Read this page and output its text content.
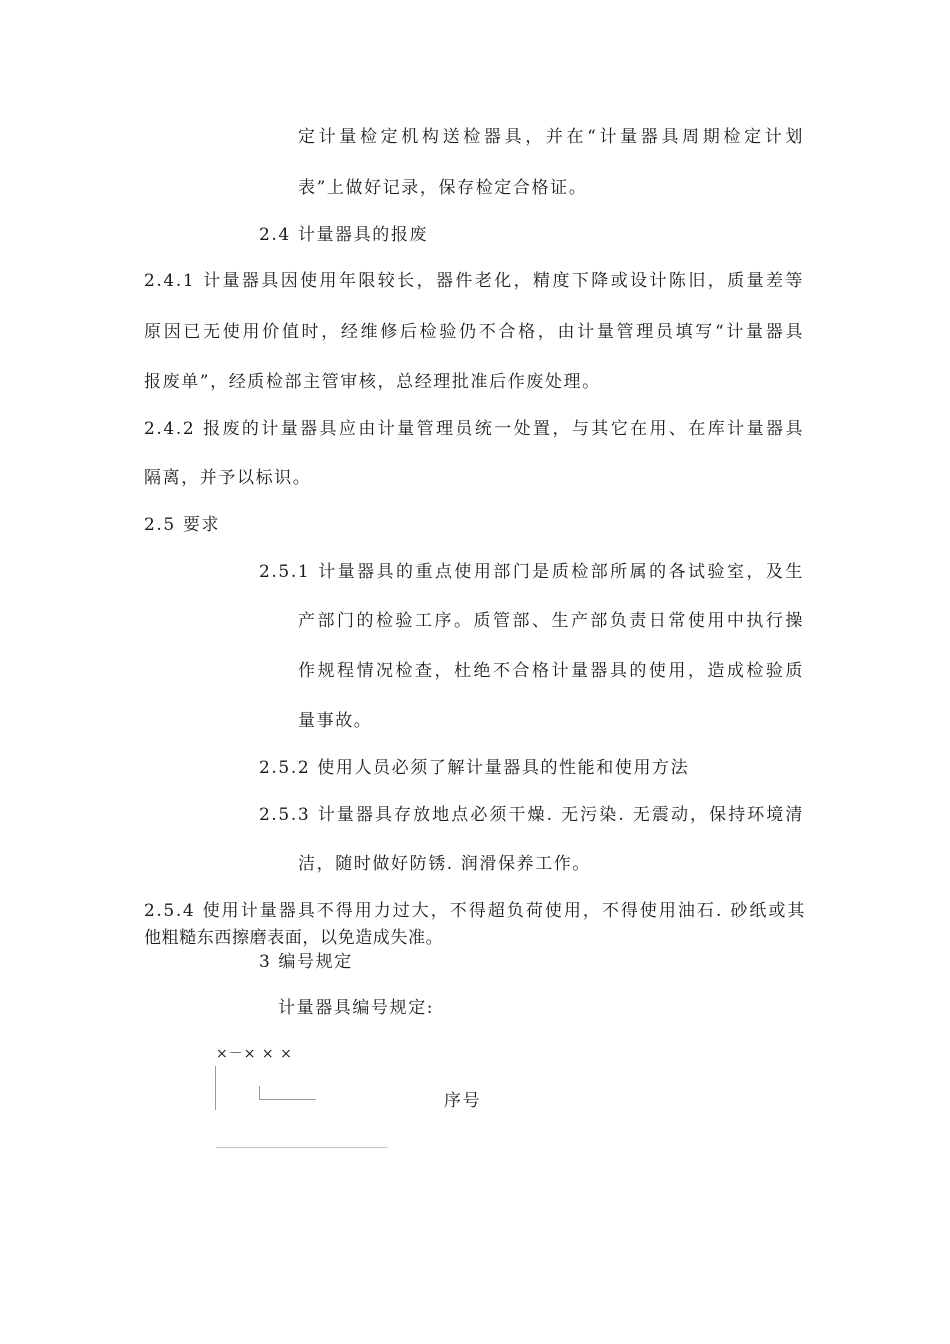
定计量检定机构送检器具，并在“计量器具周期检定计划
表”上做好记录，保存检定合格证。
2.4 计量器具的报废
2.4.1 计量器具因使用年限较长，器件老化，精度下降或设计陈旧，质量差等
原因已无使用价值时，经维修后检验仍不合格，由计量管理员填写“计量器具
报废单”，经质检部主管审核，总经理批准后作废处理。
2.4.2 报废的计量器具应由计量管理员统一处置，与其它在用、在库计量器具
隔离，并予以标识。
2.5 要求
2.5.1 计量器具的重点使用部门是质检部所属的各试验室，及生
产部门的检验工序。质管部、生产部负责日常使用中执行操
作规程情况检查，杜绝不合格计量器具的使用，造成检验质
量事故。
2.5.2 使用人员必须了解计量器具的性能和使用方法
2.5.3 计量器具存放地点必须干燥. 无污染. 无震动，保持环境清
洁，随时做好防锈. 润滑保养工作。
2.5.4 使用计量器具不得用力过大，不得超负荷使用，不得使用油石. 砂纸或其
他粗糙东西擦磨表面，以免造成失准。
3 编号规定
计量器具编号规定:
×－× × ×
序号
